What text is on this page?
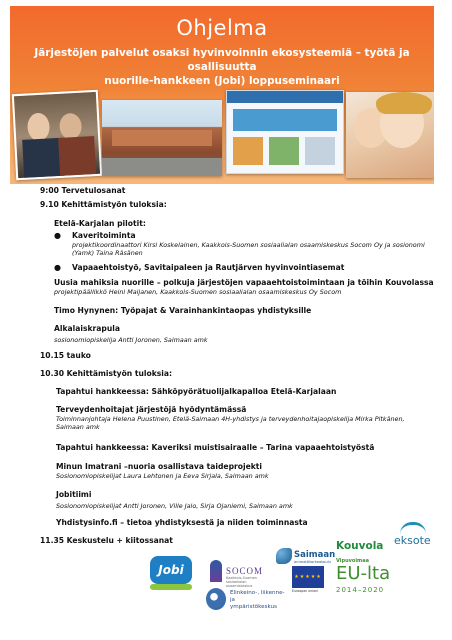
Ohjelma
Järjestöjen palvelut osaksi hyvinvoinnin ekosysteemiä – työtä ja osallisuutta
nuorille-hankkeen (Jobi) loppuseminaari
9:00 Tervetulosanat
9.10 Kehittämistyön tuloksia:
Etelä-Karjalan pilotit:
● Kaveritoiminta
projektikoordinaattori Kirsi Koskelainen, Kaakkois-Suomen sosiaalialan osaamiskeskus Socom Oy ja sosionomi
(Yamk) Taina Räsänen
● Vapaaehtoistyö, Savitaipaleen ja Rautjärven hyvinvointiasemat
Uusia mahiksia nuorille – polkuja järjestöjen vapaaehtoistoimintaan ja töihin Kouvolassa
projektipäällikkö Heini Maijanen, Kaakkois-Suomen sosiaalialan osaamiskeskus Oy Socom
Timo Hynynen: Työpajat & Varainhankintaopas yhdistyksille
Alkalaiskrapula
sosionomiopiskelija Antti Joronen, Saimaan amk
10.15 tauko
10.30 Kehittämistyön tuloksia:
Tapahtui hankkeessa: Sähköpyörätuolijalkapalloa Etelä-Karjalaan
Terveydenhoitajat järjestöjä hyödyntämässä
Toiminnanjohtaja Helena Puustinen, Etelä-Saimaan 4H-yhdistys ja terveydenhoitajaopiskelija Mirka Pitkänen,
Saimaan amk
Tapahtui hankkeessa: Kaveriksi muistisairaalle – Tarina vapaaehtoistyöstä
Minun Imatrani –nuoria osallistava taideprojekti
Sosionomiopiskelijat Laura Lehtonen ja Eeva Sirjala, Saimaan amk
Jobitiimi
Sosionomiopiskelijat Antti Joronen, Ville Jalo, Sirja Ojaniemi, Saimaan amk
Yhdistysinfo.fi – tietoa yhdistyksestä ja niiden toiminnasta
11.35 Keskustelu + kiitossanat
Jobi	SOCOM
Kaakkois-Suomen sosiaalialan osaamiskeskus
Saimaan
ammattikorkeakoulu
Kouvola eksote
★★★★★
Euroopan unioni
Vipuvoimaa
EU-lta
2014–2020
Elinkeino-, liikenne- ja
ympäristökeskus
